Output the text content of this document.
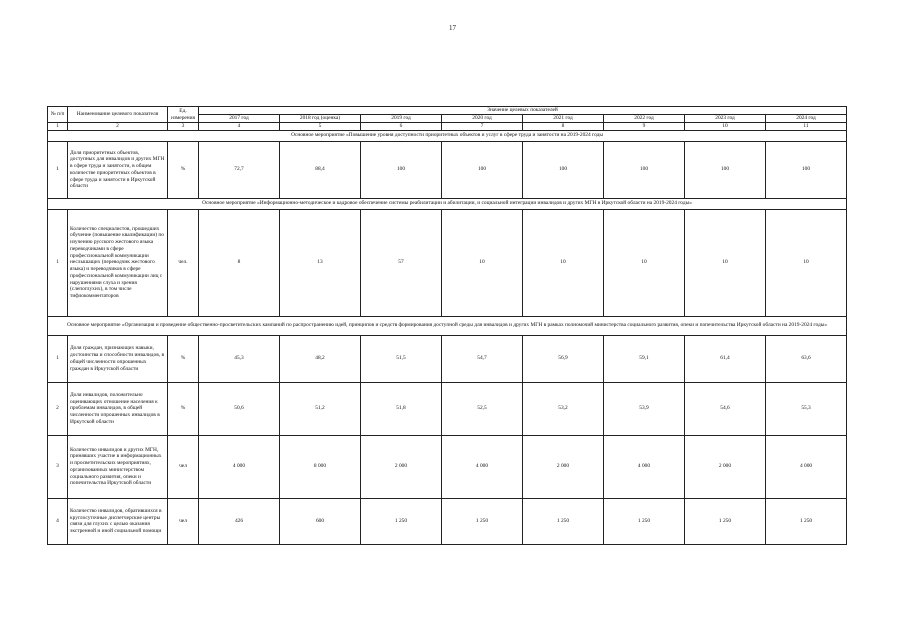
17
№ п/п	Наименование целевого показателя	Ед. измерения	Значение целевых показателей							
			2017 год	2018 год (оценка)	2019 год	2020 год	2021 год	2022 год	2023 год	2024 год
1	2	3	4	5	6	7	8	9	10	11
Основное мероприятие «Повышение уровня доступности приоритетных объектов и услуг в сфере труда и занятости на 2019-2024 годы										
1	Доля приоритетных объектов, доступных для инвалидов и других МГН в сфере труда и занятости, в общем количестве приоритетных объектов в сфере труда и занятости в Иркутской области	%	72,7	88,4	100	100	100	100	100	100
Основное мероприятие «Информационно-методическое и кадровое обеспечение системы реабилитации и абилитации, и социальной интеграции инвалидов и других МГН в Иркутской области на 2019-2024 годы»										
1	Количество специалистов, прошедших обучение (повышение квалификации) по изучению русского жестового языка переводчиками в сфере профессиональной коммуникации неслышащих (переводчик жестового языка) и переводчиков в сфере профессиональной коммуникации лиц с нарушениями слуха и зрения (слепоглухих), в том числе тифлокомментаторов	чел.	8	13	57	10	10	10	10	10
Основное мероприятие «Организация и проведение общественно-просветительских кампаний по распространению идей, принципов и средств формирования доступной среды для инвалидов и других МГН в рамках полномочий министерства социального развития, опеки и попечительства Иркутской области на 2019-2024 годы»										
1	Доля граждан, признающих навыки, достоинства и способности инвалидов, в общей численности опрошенных граждан в Иркутской области	%	45,3	48,2	51,5	54,7	56,9	59,1	61,4	63,6
2	Доля инвалидов, положительно оценивающих отношение населения к проблемам инвалидов, в общей численности опрошенных инвалидов в Иркутской области	%	50,6	51,2	51,8	52,5	53,2	53,9	54,6	55,3
3	Количество инвалидов и других МГН, принявших участие в информационных и просветительских мероприятиях, организованных министерством социального развития, опеки и попечительства Иркутской области	чел	4 000	8 000	2 000	4 000	2 000	4 000	2 000	4 000
4	Количество инвалидов, обратившихся в круглосуточные диспетчерские центры связи для глухих с целью оказания экстренной и иной социальной помощи	чел	426	600	1 250	1 250	1 250	1 250	1 250	1 250
